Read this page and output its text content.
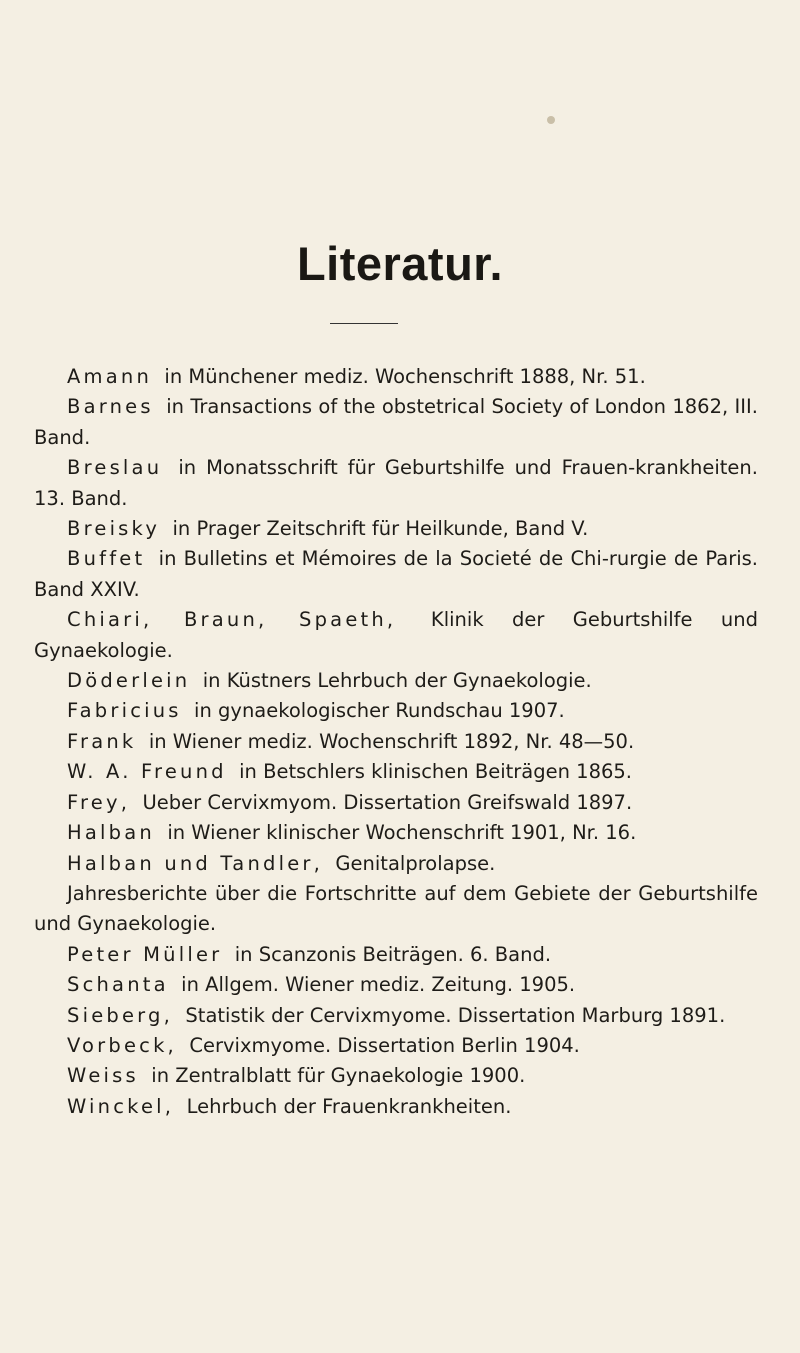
Literatur.

Amann in Münchener mediz. Wochenschrift 1888, Nr. 51.

Barnes in Transactions of the obstetrical Society of London 1862, III. Band.

Breslau in Monatsschrift für Geburtshilfe und Frauen-krankheiten. 13. Band.

Breisky in Prager Zeitschrift für Heilkunde, Band V.

Buffet in Bulletins et Mémoires de la Societé de Chi-rurgie de Paris. Band XXIV.

Chiari, Braun, Spaeth, Klinik der Geburtshilfe und Gynaekologie.

Döderlein in Küstners Lehrbuch der Gynaekologie.

Fabricius in gynaekologischer Rundschau 1907.

Frank in Wiener mediz. Wochenschrift 1892, Nr. 48—50.

W. A. Freund in Betschlers klinischen Beiträgen 1865.

Frey, Ueber Cervixmyom. Dissertation Greifswald 1897.

Halban in Wiener klinischer Wochenschrift 1901, Nr. 16.

Halban und Tandler, Genitalprolapse.

Jahresberichte über die Fortschritte auf dem Gebiete der Geburtshilfe und Gynaekologie.

Peter Müller in Scanzonis Beiträgen. 6. Band.

Schanta in Allgem. Wiener mediz. Zeitung. 1905.

Sieberg, Statistik der Cervixmyome. Dissertation Marburg 1891.

Vorbeck, Cervixmyome. Dissertation Berlin 1904.

Weiss in Zentralblatt für Gynaekologie 1900.

Winckel, Lehrbuch der Frauenkrankheiten.
